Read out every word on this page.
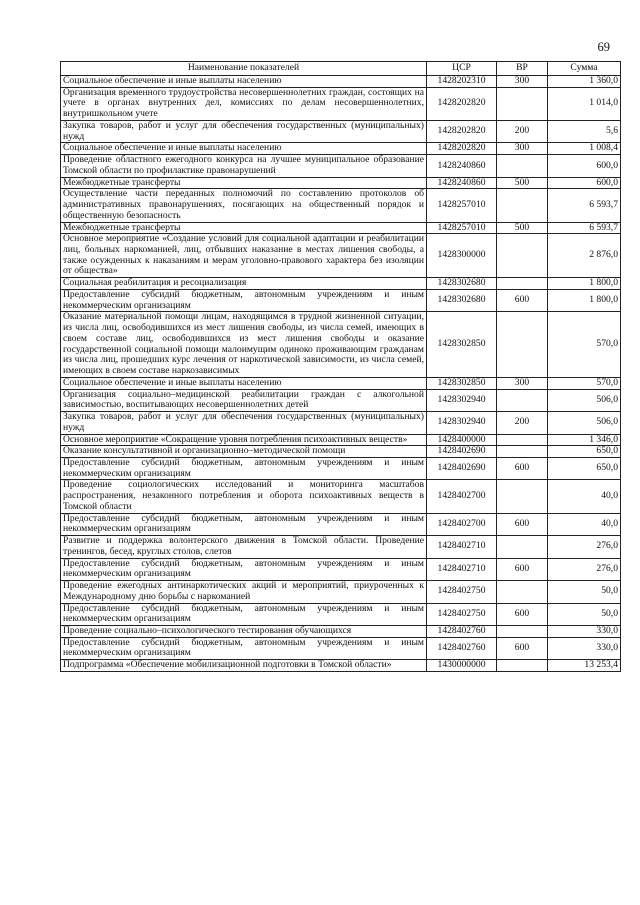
69
Наименование показателей	ЦСР	ВР	Сумма
Социальное обеспечение и иные выплаты населению	1428202310	300	1 360,0
Организация временного трудоустройства несовершеннолетних граждан, состоящих на учете в органах внутренних дел, комиссиях по делам несовершеннолетних, внутришкольном учете	1428202820		1 014,0
Закупка товаров, работ и услуг для обеспечения государственных (муниципальных) нужд	1428202820	200	5,6
Социальное обеспечение и иные выплаты населению	1428202820	300	1 008,4
Проведение областного ежегодного конкурса на лучшее муниципальное образование Томской области по профилактике правонарушений	1428240860		600,0
Межбюджетные трансферты	1428240860	500	600,0
Осуществление части переданных полномочий по составлению протоколов об административных правонарушениях, посягающих на общественный порядок и общественную безопасность	1428257010		6 593,7
Межбюджетные трансферты	1428257010	500	6 593,7
Основное мероприятие «Создание условий для социальной адаптации и реабилитации лиц, больных наркоманией, лиц, отбывших наказание в местах лишения свободы, а также осужденных к наказаниям и мерам уголовно-правового характера без изоляции от общества»	1428300000		2 876,0
Социальная реабилитация и ресоциализация	1428302680		1 800,0
Предоставление субсидий бюджетным, автономным учреждениям и иным некоммерческим организациям	1428302680	600	1 800,0
Оказание материальной помощи лицам, находящимся в трудной жизненной ситуации, из числа лиц, освободившихся из мест лишения свободы, из числа семей, имеющих в своем составе лиц, освободившихся из мест лишения свободы и оказание государственной социальной помощи малоимущим одиноко проживающим гражданам из числа лиц, прошедших курс лечения от наркотической зависимости, из числа семей, имеющих в своем составе наркозависимых	1428302850		570,0
Социальное обеспечение и иные выплаты населению	1428302850	300	570,0
Организация социально–медицинской реабилитации граждан с алкогольной зависимостью, воспитывающих несовершеннолетних детей	1428302940		506,0
Закупка товаров, работ и услуг для обеспечения государственных (муниципальных) нужд	1428302940	200	506,0
Основное мероприятие «Сокращение уровня потребления психоактивных веществ»	1428400000		1 346,0
Оказание консультативной и организационно–методической помощи	1428402690		650,0
Предоставление субсидий бюджетным, автономным учреждениям и иным некоммерческим организациям	1428402690	600	650,0
Проведение социологических исследований и мониторинга масштабов распространения, незаконного потребления и оборота психоактивных веществ в Томской области	1428402700		40,0
Предоставление субсидий бюджетным, автономным учреждениям и иным некоммерческим организациям	1428402700	600	40,0
Развитие и поддержка волонтерского движения в Томской области. Проведение тренингов, бесед, круглых столов, слетов	1428402710		276,0
Предоставление субсидий бюджетным, автономным учреждениям и иным некоммерческим организациям	1428402710	600	276,0
Проведение ежегодных антинаркотических акций и мероприятий, приуроченных к Международному дню борьбы с наркоманией	1428402750		50,0
Предоставление субсидий бюджетным, автономным учреждениям и иным некоммерческим организациям	1428402750	600	50,0
Проведение социально–психологического тестирования обучающихся	1428402760		330,0
Предоставление субсидий бюджетным, автономным учреждениям и иным некоммерческим организациям	1428402760	600	330,0
Подпрограмма «Обеспечение мобилизационной подготовки в Томской области»	1430000000		13 253,4
